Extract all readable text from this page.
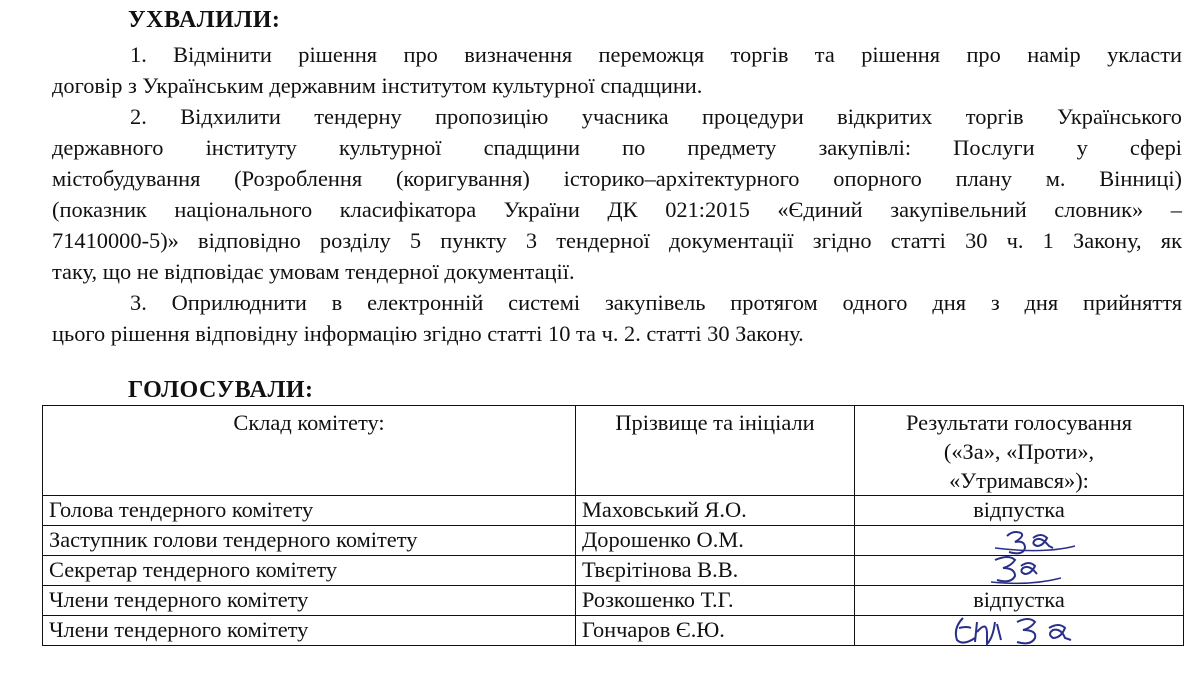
УХВАЛИЛИ:
1. Відмінити рішення про визначення переможця торгів та рішення про намір укласти
договір з Українським державним інститутом культурної спадщини.
2. Відхилити тендерну пропозицію учасника процедури відкритих торгів Українського
державного інституту культурної спадщини по предмету закупівлі: Послуги у сфері
містобудування (Розроблення (коригування) історико–архітектурного опорного плану м. Вінниці)
(показник національного класифікатора України ДК 021:2015 «Єдиний закупівельний словник» –
71410000-5)» відповідно розділу 5 пункту 3 тендерної документації згідно статті 30 ч. 1 Закону, як
таку, що не відповідає умовам тендерної документації.
3. Оприлюднити в електронній системі закупівель протягом одного дня з дня прийняття
цього рішення відповідну інформацію згідно статті 10 та ч. 2. статті 30 Закону.
ГОЛОСУВАЛИ:
Склад комітету:	Прізвище та ініціали	Результати голосування
(«За», «Проти»,
«Утримався»):

Голова тендерного комітету	Маховський Я.О.	відпустка
Заступник голови тендерного комітету	Дорошенко О.М.	

Секретар тендерного комітету	Твєрітінова В.В.	

Члени тендерного комітету	Розкошенко Т.Г.	відпустка
Члени тендерного комітету	Гончаров Є.Ю.	
